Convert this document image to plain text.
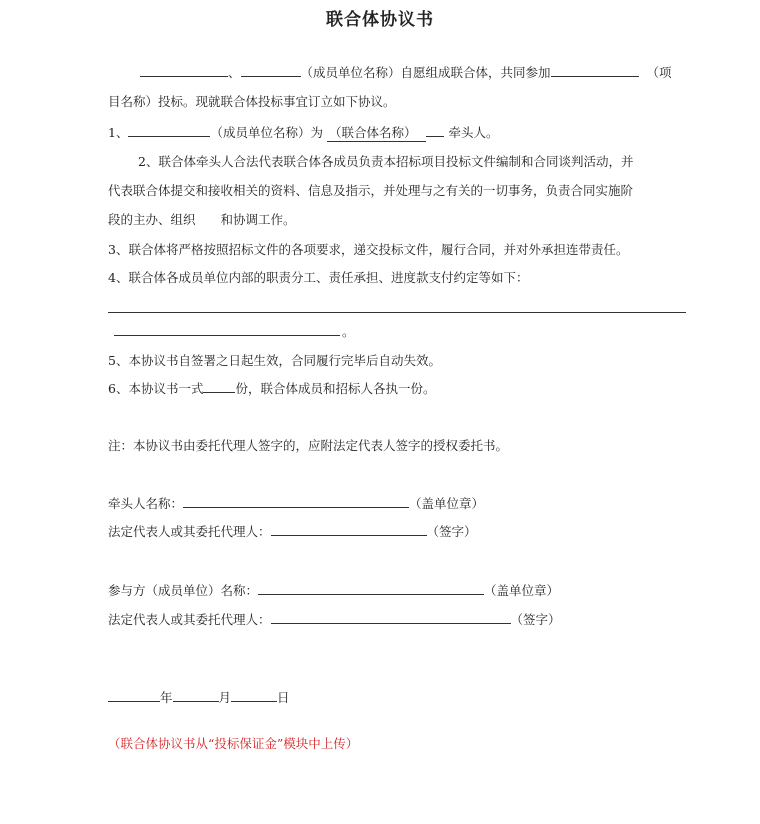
联合体协议书
、	（成员单位名称）自愿组成联合体，共同参加	（项
目名称）投标。现就联合体投标事宜订立如下协议。
1、	（成员单位名称）为 （联合体名称）	牵头人。
2、联合体牵头人合法代表联合体各成员负责本招标项目投标文件编制和合同谈判活动，并
代表联合体提交和接收相关的资料、信息及指示，并处理与之有关的一切事务，负责合同实施阶
段的主办、组织　　和协调工作。
3、联合体将严格按照招标文件的各项要求，递交投标文件，履行合同，并对外承担连带责任。
4、联合体各成员单位内部的职责分工、责任承担、进度款支付约定等如下：
。
5、本协议书自签署之日起生效，合同履行完毕后自动失效。
6、本协议书一式	份，联合体成员和招标人各执一份。
注：本协议书由委托代理人签字的，应附法定代表人签字的授权委托书。
牵头人名称：	（盖单位章）
法定代表人或其委托代理人：	（签字）
参与方（成员单位）名称：	（盖单位章）
法定代表人或其委托代理人：	（签字）
年	月	日
（联合体协议书从“投标保证金”模块中上传）
